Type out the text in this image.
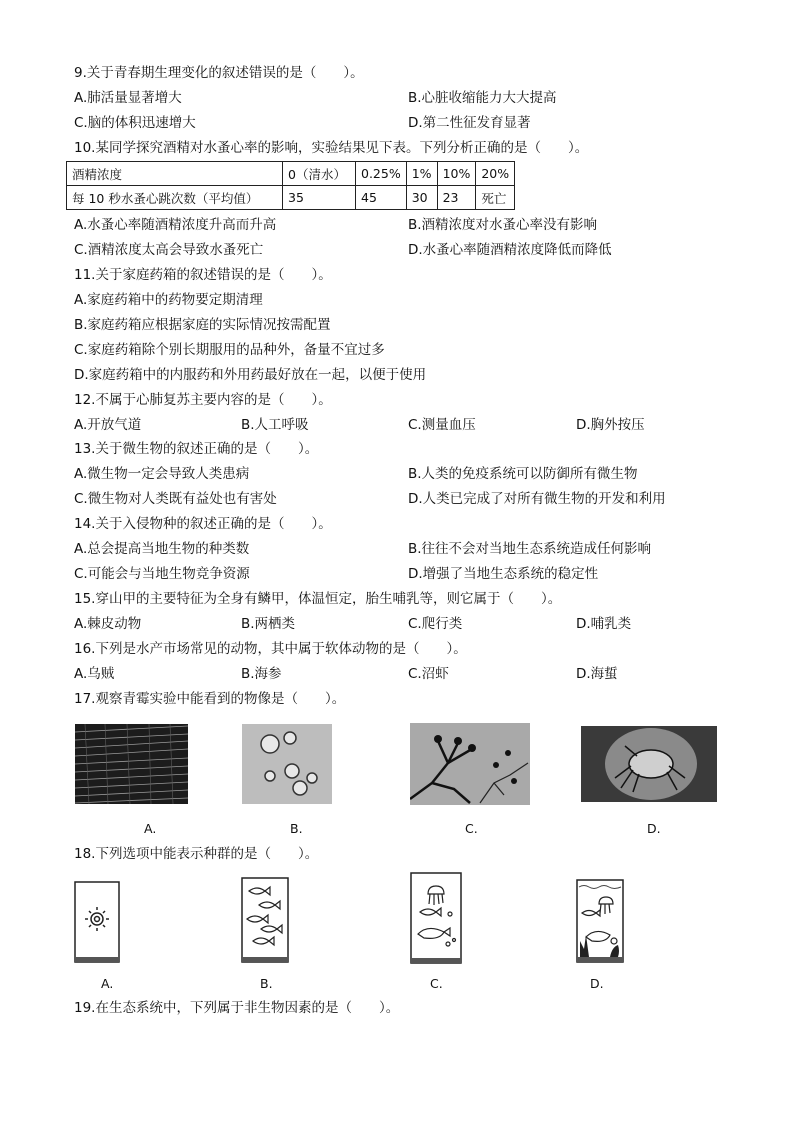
9.关于青春期生理变化的叙述错误的是（　　）。
A.肺活量显著增大	B.心脏收缩能力大大提高
C.脑的体积迅速增大	D.第二性征发育显著
10.某同学探究酒精对水蚤心率的影响，实验结果见下表。下列分析正确的是（　　）。
酒精浓度	0（清水）	0.25%	1%	10%	20%
每 10 秒水蚤心跳次数（平均值）	35	45	30	23	死亡
A.水蚤心率随酒精浓度升高而升高	B.酒精浓度对水蚤心率没有影响
C.酒精浓度太高会导致水蚤死亡	D.水蚤心率随酒精浓度降低而降低
11.关于家庭药箱的叙述错误的是（　　）。
A.家庭药箱中的药物要定期清理
B.家庭药箱应根据家庭的实际情况按需配置
C.家庭药箱除个别长期服用的品种外，备量不宜过多
D.家庭药箱中的内服药和外用药最好放在一起，以便于使用
12.不属于心肺复苏主要内容的是（　　）。
A.开放气道	B.人工呼吸	C.测量血压	D.胸外按压
13.关于微生物的叙述正确的是（　　）。
A.微生物一定会导致人类患病	B.人类的免疫系统可以防御所有微生物
C.微生物对人类既有益处也有害处	D.人类已完成了对所有微生物的开发和利用
14.关于入侵物种的叙述正确的是（　　）。
A.总会提高当地生物的种类数	B.往往不会对当地生态系统造成任何影响
C.可能会与当地生物竞争资源	D.增强了当地生态系统的稳定性
15.穿山甲的主要特征为全身有鳞甲，体温恒定，胎生哺乳等，则它属于（　　）。
A.棘皮动物	B.两栖类	C.爬行类	D.哺乳类
16.下列是水产市场常见的动物，其中属于软体动物的是（　　）。
A.乌贼	B.海参	C.沼虾	D.海蜇
17.观察青霉实验中能看到的物像是（　　）。
A.	B.	C.	D.
18.下列选项中能表示种群的是（　　）。
A.	B.	C.	D.
19.在生态系统中，下列属于非生物因素的是（　　）。
